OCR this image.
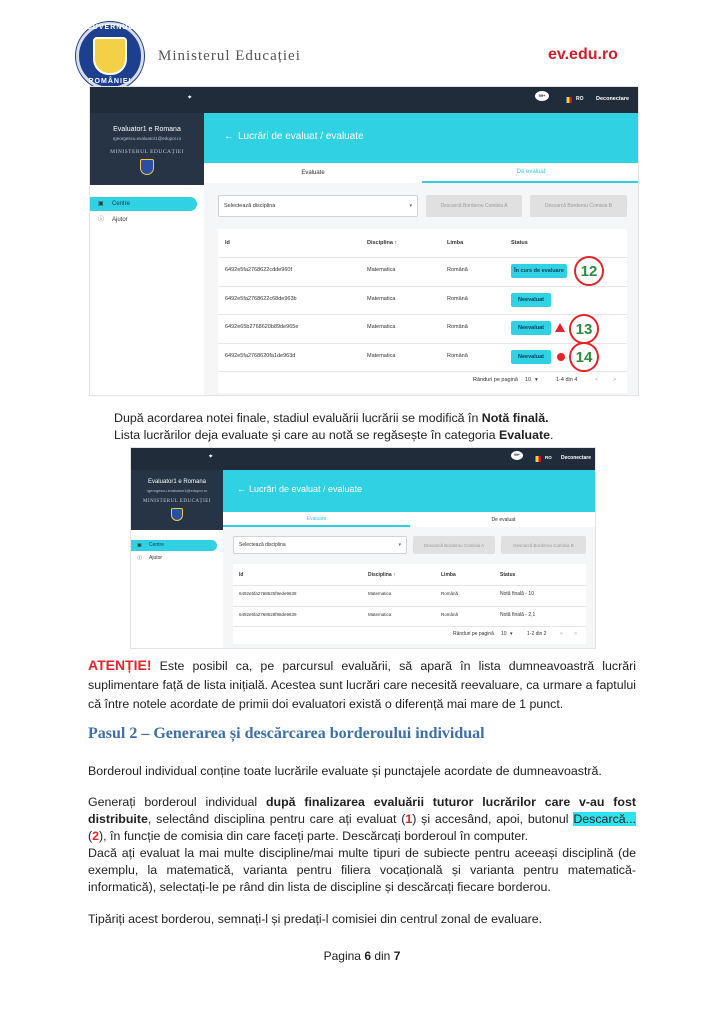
GUVERNUL
ROMÂNIEI
Ministerul Educației	ev.edu.ro
⌖	99+
RO Deconectare
Evaluator1 e Romana
rgeorgescu.evaluator1@edupor.ro
MINISTERUL EDUCAȚIEI
▣ Centre
ⓘ Ajutor
← Lucrări de evaluat / evaluate
Evaluate	De evaluat
Selectează disciplina	▾	Descarcă Borderou Comisia A	Descarcă Borderou Comisia B
Id	Disciplina ↑	Limba	Status
6492e5fa2768622cdde960f	Matematica	Română	În curs de evaluare
6492e5fa2768622c68de963b	Matematica	Română	Neevaluat
6492e65b2768620b89de965e	Matematica	Română	Neevaluat
6492e5fa2768620fa1de963d	Matematica	Română	Neevaluat
Rânduri pe pagină 10 ▾	1-4 din 4	<	>
12
13
14
După acordarea notei finale, stadiul evaluării lucrării se modifică în Notă finală.
Lista lucrărilor deja evaluate și care au notă se regăsește în categoria Evaluate.
⌖	99+	RO Deconectare
Evaluator1 e Romana
rgeorgescu.evaluator1@edupor.ro
MINISTERUL EDUCAȚIEI
▣ Centre
ⓘ Ajutor
← Lucrări de evaluat / evaluate
Evaluate	De evaluat
Selectează disciplina	▾	Descarcă Borderou Comisia A	Descarcă Borderou Comisia B
Id	Disciplina ↑	Limba	Status
6492e5fa2768625f9ede9638	Matematica	Română	Notă finală - 10
6492e5fa2768628f98de9639	Matematica	Română	Notă finală - 2,1
Rânduri pe pagină 10 ▾	1-2 din 2	< >
ATENȚIE! Este posibil ca, pe parcursul evaluării, să apară în lista dumneavoastră lucrări suplimentare față de lista inițială. Acestea sunt lucrări care necesită reevaluare, ca urmare a faptului că între notele acordate de primii doi evaluatori există o diferență mai mare de 1 punct.
Pasul 2 – Generarea și descărcarea borderoului individual
Borderoul individual conține toate lucrările evaluate și punctajele acordate de dumneavoastră.
Generați borderoul individual după finalizarea evaluării tuturor lucrărilor care v-au fost distribuite, selectând disciplina pentru care ați evaluat (1) și accesând, apoi, butonul Descarcă... (2), în funcție de comisia din care faceți parte. Descărcați borderoul în computer.
Dacă ați evaluat la mai multe discipline/mai multe tipuri de subiecte pentru aceeași disciplină (de exemplu, la matematică, varianta pentru filiera vocațională și varianta pentru matematică-informatică), selectați-le pe rând din lista de discipline și descărcați fiecare borderou.
Tipăriți acest borderou, semnați-l și predați-l comisiei din centrul zonal de evaluare.
Pagina 6 din 7
